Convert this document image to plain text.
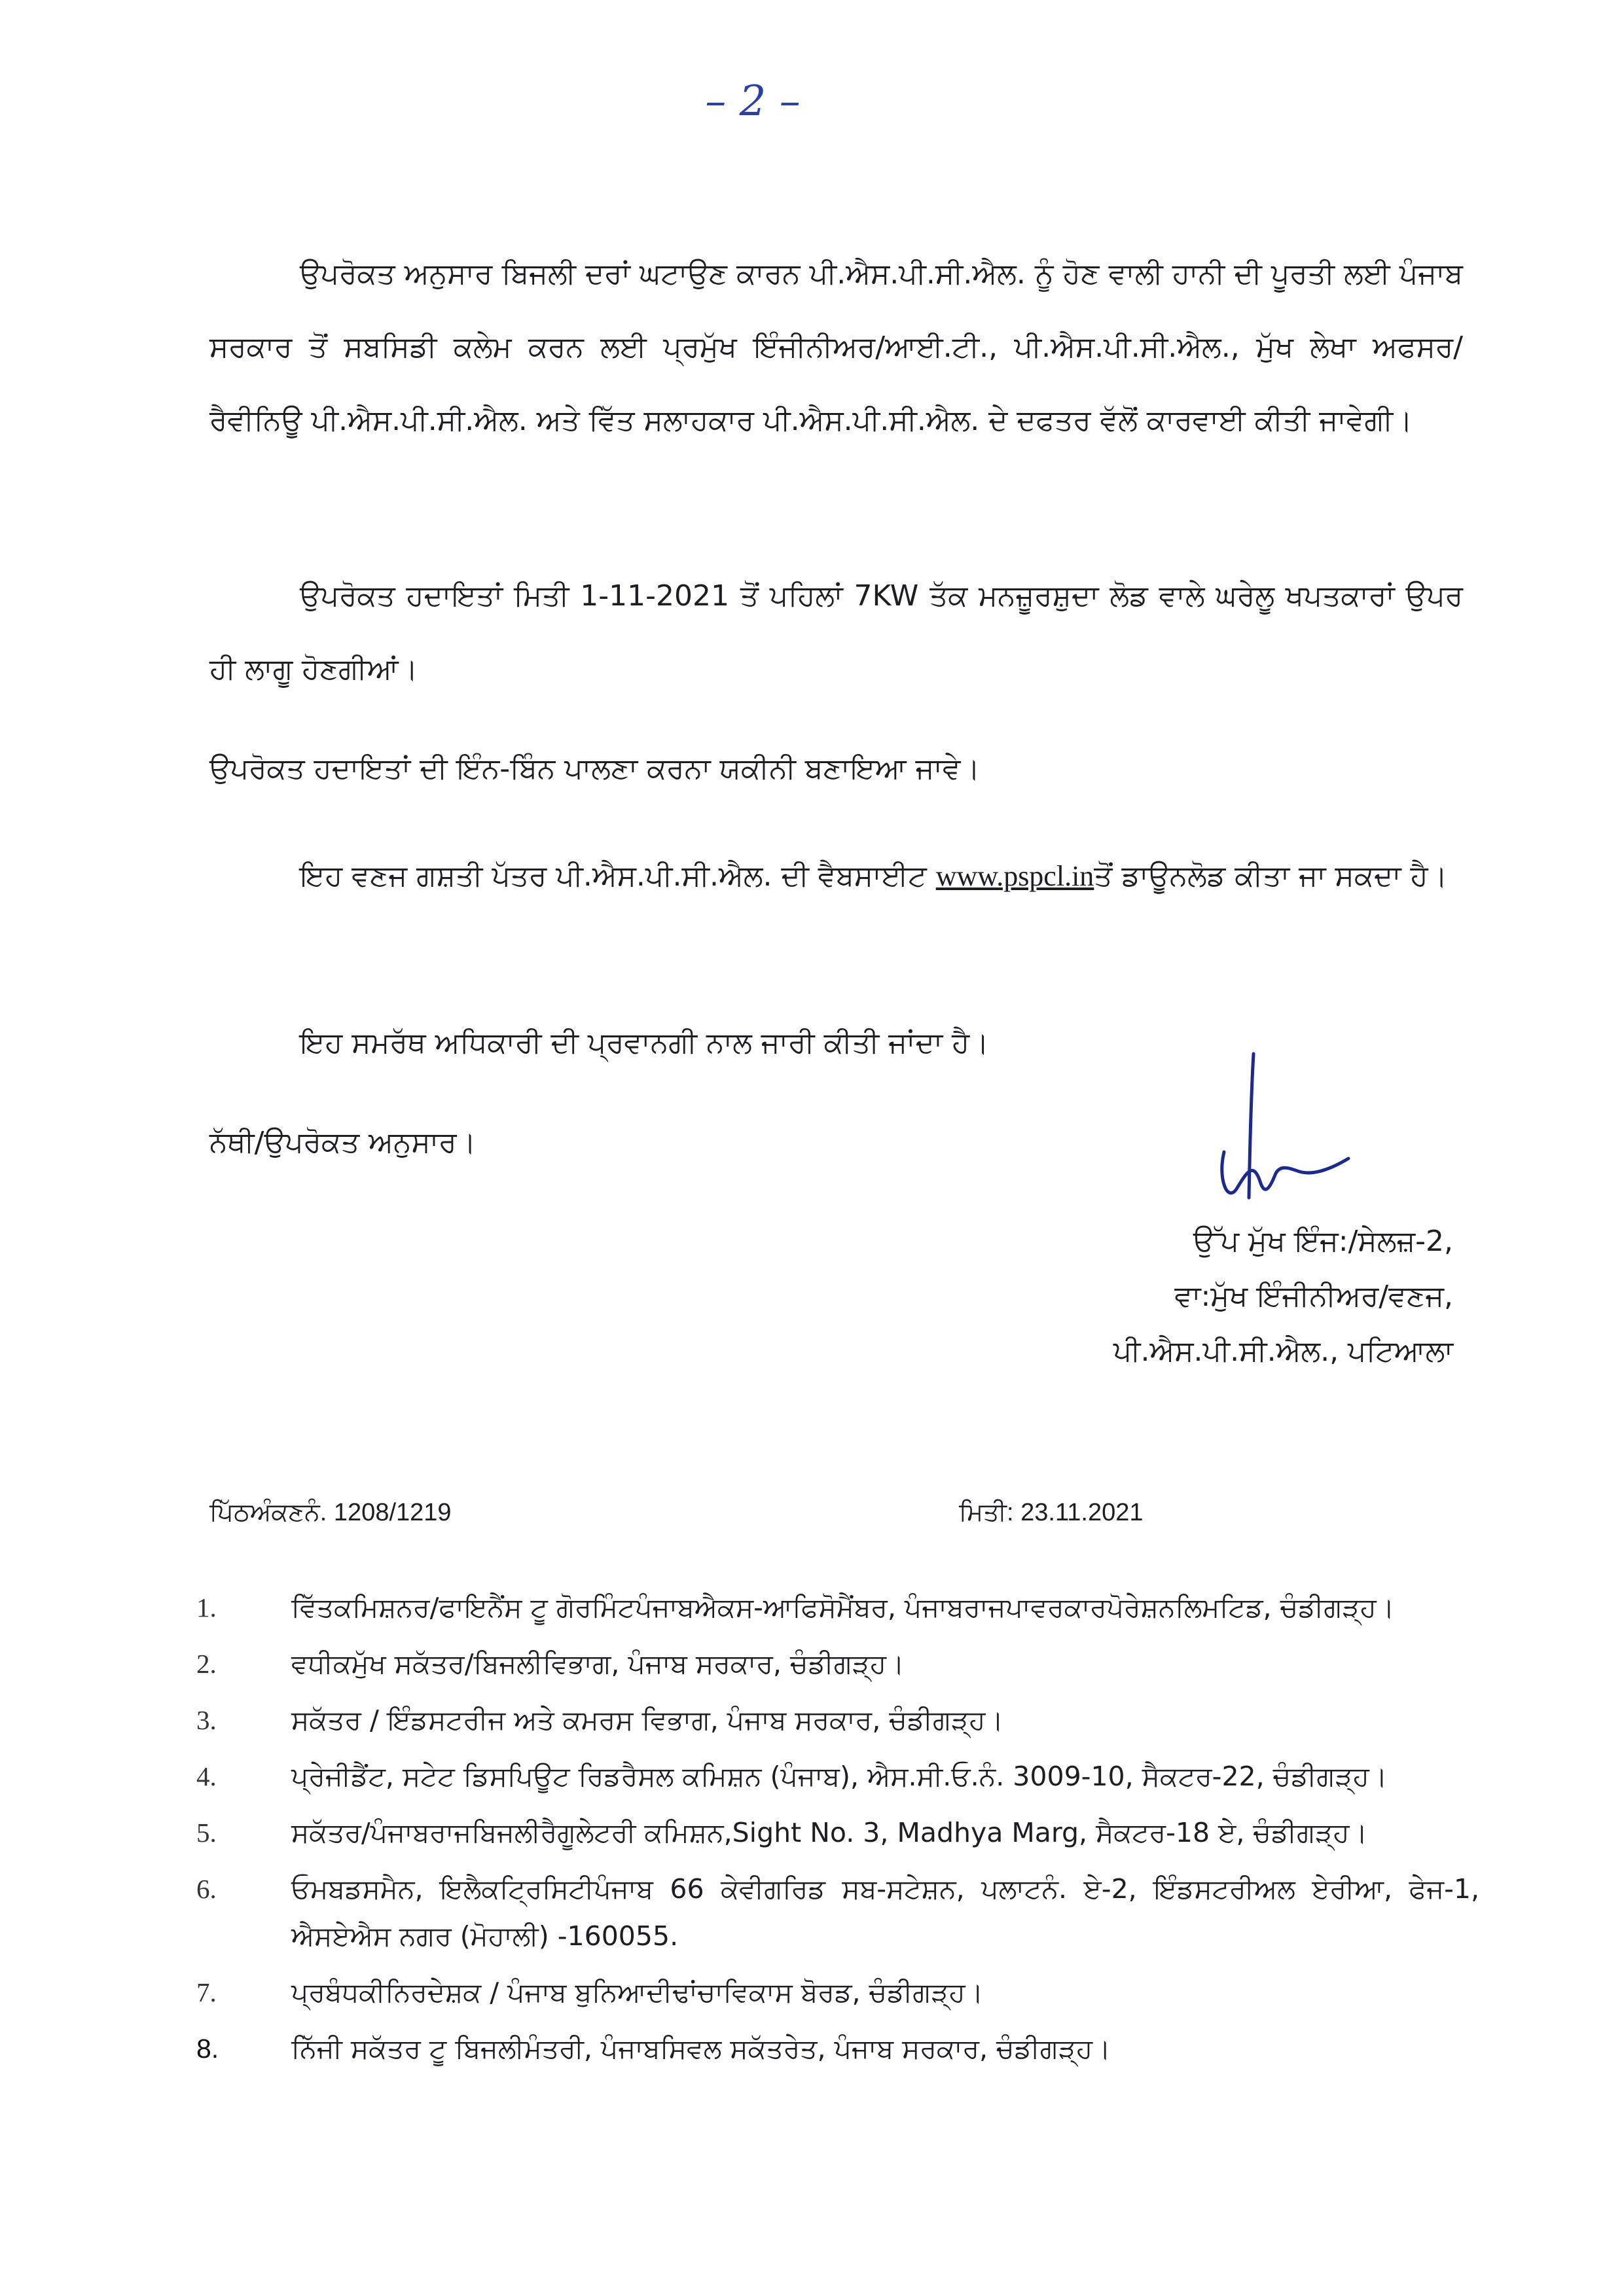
– 2 –
ਉਪਰੋਕਤ ਅਨੁਸਾਰ ਬਿਜਲੀ ਦਰਾਂ ਘਟਾਉਣ ਕਾਰਨ ਪੀ.ਐਸ.ਪੀ.ਸੀ.ਐਲ. ਨੂੰ ਹੋਣ ਵਾਲੀ ਹਾਨੀ ਦੀ ਪੂਰਤੀ ਲਈ ਪੰਜਾਬ ਸਰਕਾਰ ਤੋਂ ਸਬਸਿਡੀ ਕਲੇਮ ਕਰਨ ਲਈ ਪ੍ਰਮੁੱਖ ਇੰਜੀਨੀਅਰ/ਆਈ.ਟੀ., ਪੀ.ਐਸ.ਪੀ.ਸੀ.ਐਲ., ਮੁੱਖ ਲੇਖਾ ਅਫਸਰ/ਰੈਵੀਨਿਊ ਪੀ.ਐਸ.ਪੀ.ਸੀ.ਐਲ. ਅਤੇ ਵਿੱਤ ਸਲਾਹਕਾਰ ਪੀ.ਐਸ.ਪੀ.ਸੀ.ਐਲ. ਦੇ ਦਫਤਰ ਵੱਲੋਂ ਕਾਰਵਾਈ ਕੀਤੀ ਜਾਵੇਗੀ।
ਉਪਰੋਕਤ ਹਦਾਇਤਾਂ ਮਿਤੀ 1-11-2021 ਤੋਂ ਪਹਿਲਾਂ 7KW ਤੱਕ ਮਨਜ਼ੂਰਸ਼ੁਦਾ ਲੋਡ ਵਾਲੇ ਘਰੇਲੂ ਖਪਤਕਾਰਾਂ ਉਪਰ ਹੀ ਲਾਗੂ ਹੋਣਗੀਆਂ।
ਉਪਰੋਕਤ ਹਦਾਇਤਾਂ ਦੀ ਇੰਨ-ਬਿੰਨ ਪਾਲਣਾ ਕਰਨਾ ਯਕੀਨੀ ਬਣਾਇਆ ਜਾਵੇ।
ਇਹ ਵਣਜ ਗਸ਼ਤੀ ਪੱਤਰ ਪੀ.ਐਸ.ਪੀ.ਸੀ.ਐਲ. ਦੀ ਵੈਬਸਾਈਟ www.pspcl.inਤੋਂ ਡਾਊਨਲੋਡ ਕੀਤਾ ਜਾ ਸਕਦਾ ਹੈ।
ਇਹ ਸਮਰੱਥ ਅਧਿਕਾਰੀ ਦੀ ਪ੍ਰਵਾਨਗੀ ਨਾਲ ਜਾਰੀ ਕੀਤੀ ਜਾਂਦਾ ਹੈ।
ਨੱਥੀ/ਉਪਰੋਕਤ ਅਨੁਸਾਰ।
ਉੱਪ ਮੁੱਖ ਇੰਜ:/ਸੇਲਜ਼-2,
ਵਾ:ਮੁੱਖ ਇੰਜੀਨੀਅਰ/ਵਣਜ,
ਪੀ.ਐਸ.ਪੀ.ਸੀ.ਐਲ., ਪਟਿਆਲਾ
ਪਿੱਠਅੰਕਣਨੰ. 1208/1219	ਮਿਤੀ: 23.11.2021
1.	ਵਿੱਤਕਮਿਸ਼ਨਰ/ਫਾਇਨੈਂਸ ਟੂ ਗੋਰਮਿੰਟਪੰਜਾਬਐਕਸ-ਆਫਿਸੋਮੈਂਬਰ, ਪੰਜਾਬਰਾਜਪਾਵਰਕਾਰਪੋਰੇਸ਼ਨਲਿਮਟਿਡ, ਚੰਡੀਗੜ੍ਹ।
2.	ਵਧੀਕਮੁੱਖ ਸਕੱਤਰ/ਬਿਜਲੀਵਿਭਾਗ, ਪੰਜਾਬ ਸਰਕਾਰ, ਚੰਡੀਗੜ੍ਹ।
3.	ਸਕੱਤਰ / ਇੰਡਸਟਰੀਜ ਅਤੇ ਕਮਰਸ ਵਿਭਾਗ, ਪੰਜਾਬ ਸਰਕਾਰ, ਚੰਡੀਗੜ੍ਹ।
4.	ਪ੍ਰੇਜੀਡੈਂਟ, ਸਟੇਟ ਡਿਸਪਿਊਟ ਰਿਡਰੈਸਲ ਕਮਿਸ਼ਨ (ਪੰਜਾਬ), ਐਸ.ਸੀ.ਓ.ਨੰ. 3009-10, ਸੈਕਟਰ-22, ਚੰਡੀਗੜ੍ਹ।
5.	ਸਕੱਤਰ/ਪੰਜਾਬਰਾਜਬਿਜਲੀਰੈਗੂਲੇਟਰੀ ਕਮਿਸ਼ਨ,Sight No. 3, Madhya Marg, ਸੈਕਟਰ-18 ਏ, ਚੰਡੀਗੜ੍ਹ।
6.	ਓਮਬਡਸਮੈਨ, ਇਲੈਕਟ੍ਰਿਸਿਟੀਪੰਜਾਬ 66 ਕੇਵੀਗਰਿਡ ਸਬ-ਸਟੇਸ਼ਨ, ਪਲਾਟਨੰ. ਏ-2, ਇੰਡਸਟਰੀਅਲ ਏਰੀਆ, ਫੇਜ-1, ਐਸਏਐਸ ਨਗਰ (ਮੋਹਾਲੀ) -160055.
7.	ਪ੍ਰਬੰਧਕੀਨਿਰਦੇਸ਼ਕ / ਪੰਜਾਬ ਬੁਨਿਆਦੀਢਾਂਚਾਵਿਕਾਸ ਬੋਰਡ, ਚੰਡੀਗੜ੍ਹ।
8.	ਨਿੱਜੀ ਸਕੱਤਰ ਟੂ ਬਿਜਲੀਮੰਤਰੀ, ਪੰਜਾਬਸਿਵਲ ਸਕੱਤਰੇਤ, ਪੰਜਾਬ ਸਰਕਾਰ, ਚੰਡੀਗੜ੍ਹ।
